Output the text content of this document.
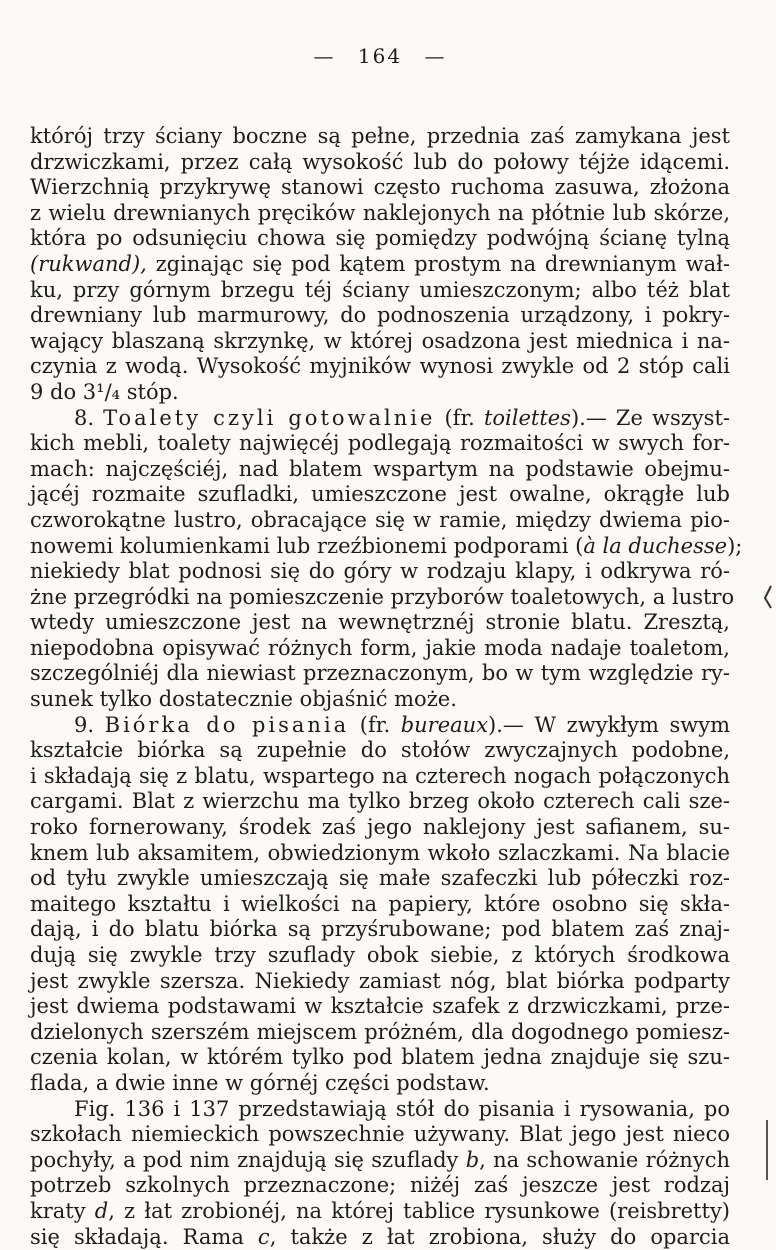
— 164 —
którój trzy ściany boczne są pełne, przednia zaś zamykana jest
drzwiczkami, przez całą wysokość lub do połowy téjże idącemi.
Wierzchnią przykrywę stanowi często ruchoma zasuwa, złożona
z wielu drewnianych pręcików naklejonych na płótnie lub skórze,
która po odsunięciu chowa się pomiędzy podwójną ścianę tylną
(rukwand), zginając się pod kątem prostym na drewnianym wał-
ku, przy górnym brzegu téj ściany umieszczonym; albo téż blat
drewniany lub marmurowy, do podnoszenia urządzony, i pokry-
wający blaszaną skrzynkę, w której osadzona jest miednica i na-
czynia z wodą. Wysokość myjników wynosi zwykle od 2 stóp cali
9 do 3¹/₄ stóp.
8. Toalety czyli gotowalnie (fr. toilettes).— Ze wszyst-
kich mebli, toalety najwięcéj podlegają rozmaitości w swych for-
mach: najczęściéj, nad blatem wspartym na podstawie obejmu-
jącéj rozmaite szufladki, umieszczone jest owalne, okrągłe lub
czworokątne lustro, obracające się w ramie, między dwiema pio-
nowemi kolumienkami lub rzeźbionemi podporami (à la duchesse);
niekiedy blat podnosi się do góry w rodzaju klapy, i odkrywa ró-
żne przegródki na pomieszczenie przyborów toaletowych, a lustro
wtedy umieszczone jest na wewnętrznéj stronie blatu. Zresztą,
niepodobna opisywać różnych form, jakie moda nadaje toaletom,
szczególniéj dla niewiast przeznaczonym, bo w tym względzie ry-
sunek tylko dostatecznie objaśnić może.
9. Biórka do pisania (fr. bureaux).— W zwykłym swym
kształcie biórka są zupełnie do stołów zwyczajnych podobne,
i składają się z blatu, wspartego na czterech nogach połączonych
cargami. Blat z wierzchu ma tylko brzeg około czterech cali sze-
roko fornerowany, środek zaś jego naklejony jest safianem, su-
knem lub aksamitem, obwiedzionym wkoło szlaczkami. Na blacie
od tyłu zwykle umieszczają się małe szafeczki lub półeczki roz-
maitego kształtu i wielkości na papiery, które osobno się skła-
dają, i do blatu biórka są przyśrubowane; pod blatem zaś znaj-
dują się zwykle trzy szuflady obok siebie, z których środkowa
jest zwykle szersza. Niekiedy zamiast nóg, blat biórka podparty
jest dwiema podstawami w kształcie szafek z drzwiczkami, prze-
dzielonych szerszém miejscem próżném, dla dogodnego pomiesz-
czenia kolan, w którém tylko pod blatem jedna znajduje się szu-
flada, a dwie inne w górnéj części podstaw.
Fig. 136 i 137 przedstawiają stół do pisania i rysowania, po
szkołach niemieckich powszechnie używany. Blat jego jest nieco
pochyły, a pod nim znajdują się szuflady b, na schowanie różnych
potrzeb szkolnych przeznaczone; niżéj zaś jeszcze jest rodzaj
kraty d, z łat zrobionéj, na której tablice rysunkowe (reisbretty)
się składają. Rama c, także z łat zrobiona, służy do oparcia
